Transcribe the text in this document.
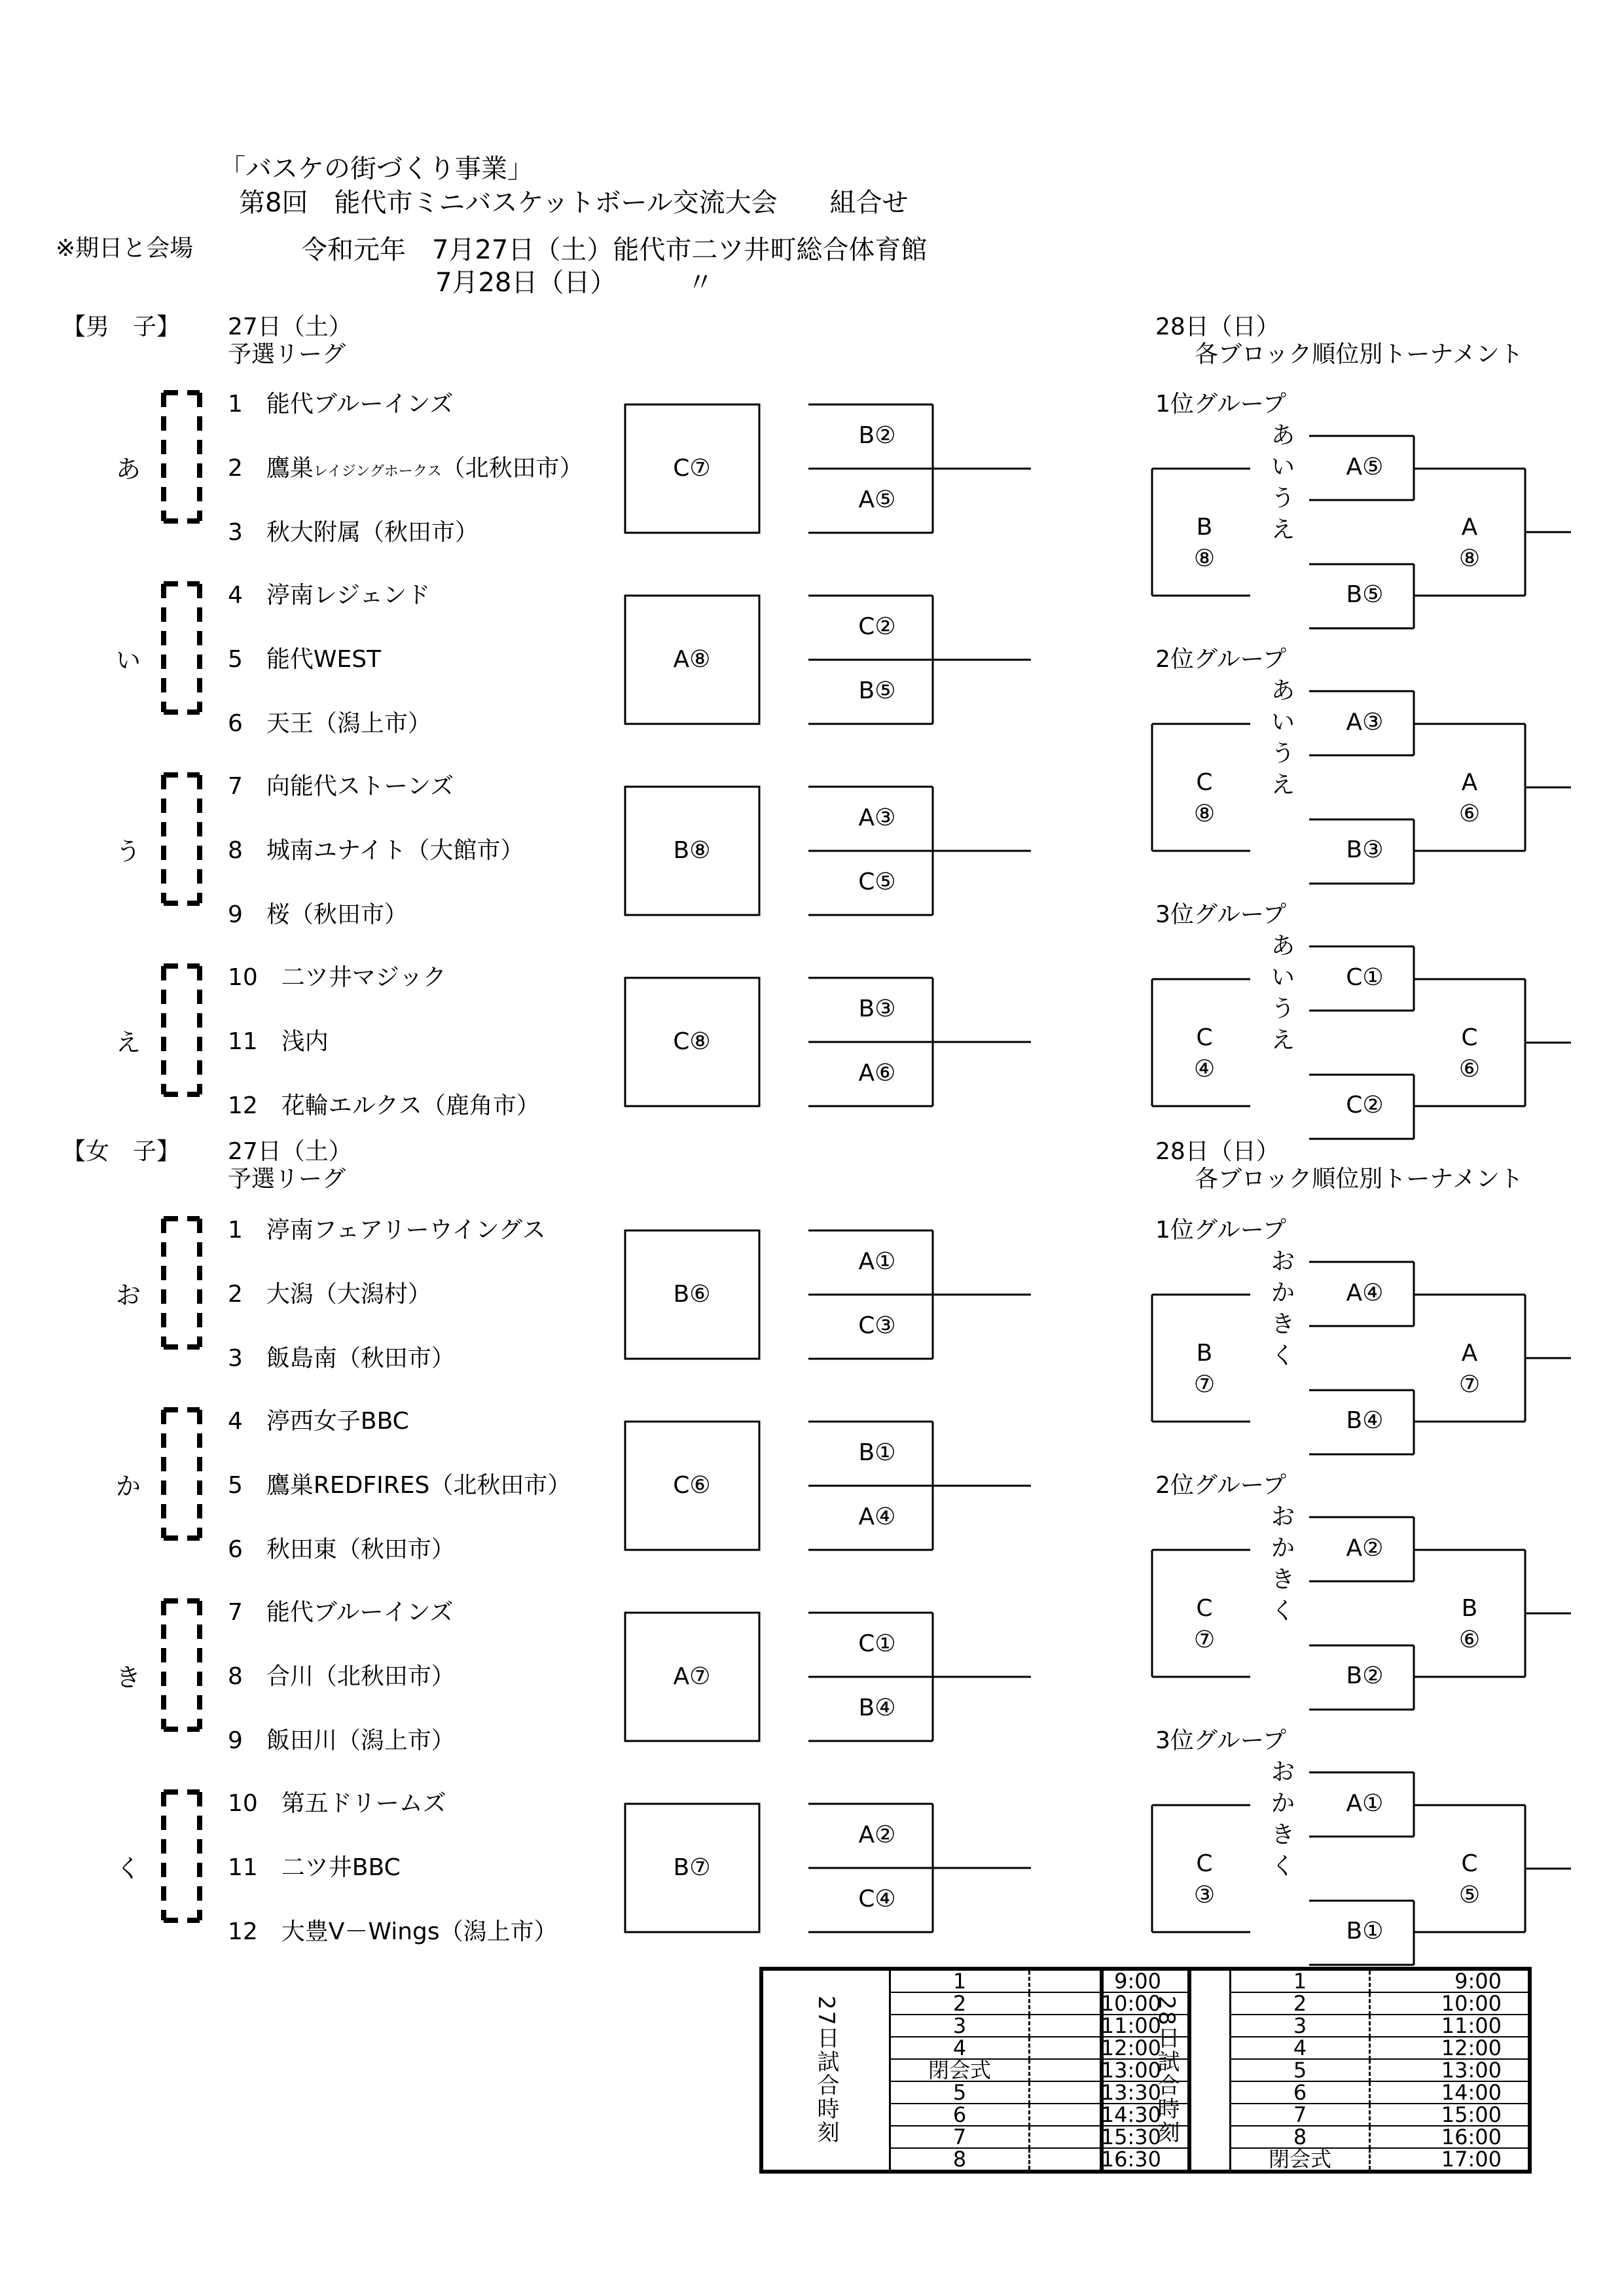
「バスケの街づくり事業」
第8回　能代市ミニバスケットボール交流大会　　組合せ
※期日と会場	令和元年　7月27日（土）能代市二ツ井町総合体育館
7月28日（日）	〃
【男　子】 27日（土）
予選リーグ
28日（日）
各ブロック順位別トーナメント
【女　子】 27日（土）
予選リーグ
28日（日）
各ブロック順位別トーナメント
あ
1　能代ブルーインズ
2　鷹巣レイジングホークス（北秋田市）
3　秋大附属（秋田市）
C⑦
B②
A⑤
い
4　渟南レジェンド
5　能代WEST
6　天王（潟上市）
A⑧
C②
B⑤
う
7　向能代ストーンズ
8　城南ユナイト（大館市）
9　桜（秋田市）
B⑧
A③
C⑤
え
10　二ツ井マジック
11　浅内
12　花輪エルクス（鹿角市）
C⑧
B③
A⑥
1位グループ
あ
い
う
え
B
⑧
A⑤
B⑤
A
⑧
2位グループ
あ
い
う
え
C
⑧
A③
B③
A
⑥
3位グループ
あ
い
う
え
C
④
C①
C②
C
⑥
お
1　渟南フェアリーウイングス
2　大潟（大潟村）
3　飯島南（秋田市）
B⑥
A①
C③
か
4　渟西女子BBC
5　鷹巣REDFIRES（北秋田市）
6　秋田東（秋田市）
C⑥
B①
A④
き
7　能代ブルーインズ
8　合川（北秋田市）
9　飯田川（潟上市）
A⑦
C①
B④
く
10　第五ドリームズ
11　二ツ井BBC
12　大豊V－Wings（潟上市）
B⑦
A②
C④
1位グループ
お
か
き
く
B
⑦
A④
B④
A
⑦
2位グループ
お
か
き
く
C
⑦
A②
B②
B
⑥
3位グループ
お
か
き
く
C
③
A①
B①
C
⑤
27日試合時刻	1	9:00
	2	10:00
	3	11:00
	4	12:00
	閉会式	13:00
	5	13:30
	6	14:30
	7	15:30
	8	16:30
28日試合時刻	1	9:00
	2	10:00
	3	11:00
	4	12:00
	5	13:00
	6	14:00
	7	15:00
	8	16:00
	閉会式	17:00
